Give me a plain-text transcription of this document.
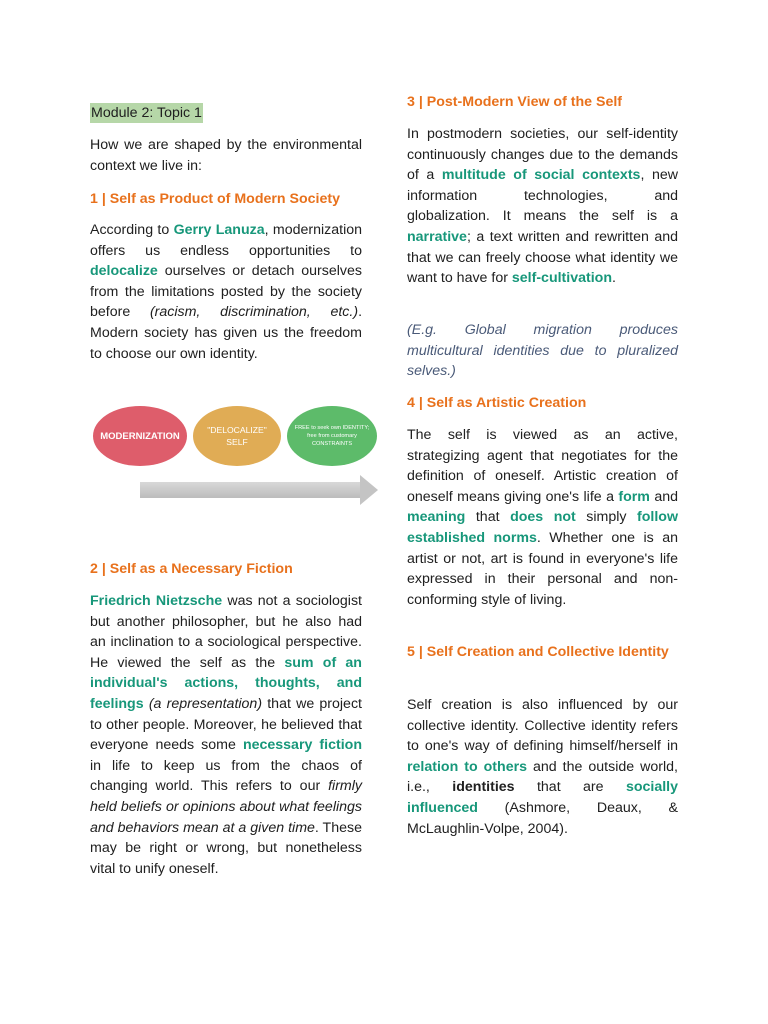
Module 2: Topic 1

How we are shaped by the environmental context we live in:

1 | Self as Product of Modern Society

According to Gerry Lanuza, modernization offers us endless opportunities to delocalize ourselves or detach ourselves from the limitations posted by the society before (racism, discrimination, etc.). Modern society has given us the freedom to choose our own identity.

MODERNIZATION
"DELOCALIZE"
SELF
FREE to seek own IDENTITY;
free from customary
CONSTRAINTS

2 | Self as a Necessary Fiction

Friedrich Nietzsche was not a sociologist but another philosopher, but he also had an inclination to a sociological perspective. He viewed the self as the sum of an individual's actions, thoughts, and feelings (a representation) that we project to other people. Moreover, he believed that everyone needs some necessary fiction in life to keep us from the chaos of changing world. This refers to our firmly held beliefs or opinions about what feelings and behaviors mean at a given time. These may be right or wrong, but nonetheless vital to unify oneself.

3 | Post-Modern View of the Self

In postmodern societies, our self-identity continuously changes due to the demands of a multitude of social contexts, new information technologies, and globalization. It means the self is a narrative; a text written and rewritten and that we can freely choose what identity we want to have for self-cultivation.

(E.g. Global migration produces multicultural identities due to pluralized selves.)

4 | Self as Artistic Creation

The self is viewed as an active, strategizing agent that negotiates for the definition of oneself. Artistic creation of oneself means giving one's life a form and meaning that does not simply follow established norms. Whether one is an artist or not, art is found in everyone's life expressed in their personal and non-conforming style of living.

5 | Self Creation and Collective Identity

Self creation is also influenced by our collective identity. Collective identity refers to one's way of defining himself/herself in relation to others and the outside world, i.e., identities that are socially influenced (Ashmore, Deaux, & McLaughlin-Volpe, 2004).
